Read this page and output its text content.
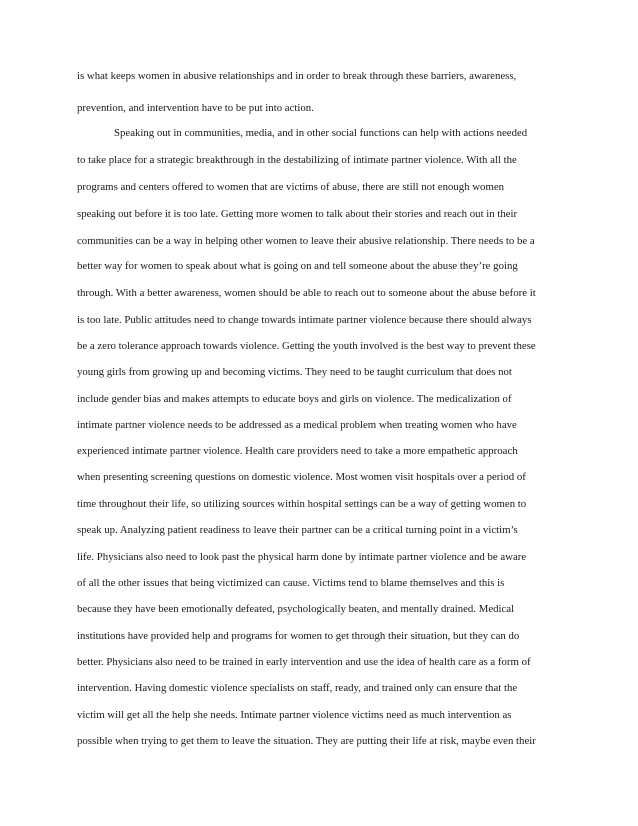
is what keeps women in abusive relationships and in order to break through these barriers, awareness,
prevention, and intervention have to be put into action.
Speaking out in communities, media, and in other social functions can help with actions needed
to take place for a strategic breakthrough in the destabilizing of intimate partner violence. With all the
programs and centers offered to women that are victims of abuse, there are still not enough women
speaking out before it is too late. Getting more women to talk about their stories and reach out in their
communities can be a way in helping other women to leave their abusive relationship. There needs to be a
better way for women to speak about what is going on and tell someone about the abuse they’re going
through. With a better awareness, women should be able to reach out to someone about the abuse before it
is too late. Public attitudes need to change towards intimate partner violence because there should always
be a zero tolerance approach towards violence. Getting the youth involved is the best way to prevent these
young girls from growing up and becoming victims. They need to be taught curriculum that does not
include gender bias and makes attempts to educate boys and girls on violence. The medicalization of
intimate partner violence needs to be addressed as a medical problem when treating women who have
experienced intimate partner violence. Health care providers need to take a more empathetic approach
when presenting screening questions on domestic violence. Most women visit hospitals over a period of
time throughout their life, so utilizing sources within hospital settings can be a way of getting women to
speak up. Analyzing patient readiness to leave their partner can be a critical turning point in a victim’s
life. Physicians also need to look past the physical harm done by intimate partner violence and be aware
of all the other issues that being victimized can cause. Victims tend to blame themselves and this is
because they have been emotionally defeated, psychologically beaten, and mentally drained. Medical
institutions have provided help and programs for women to get through their situation, but they can do
better. Physicians also need to be trained in early intervention and use the idea of health care as a form of
intervention. Having domestic violence specialists on staff, ready, and trained only can ensure that the
victim will get all the help she needs. Intimate partner violence victims need as much intervention as
possible when trying to get them to leave the situation. They are putting their life at risk, maybe even their
